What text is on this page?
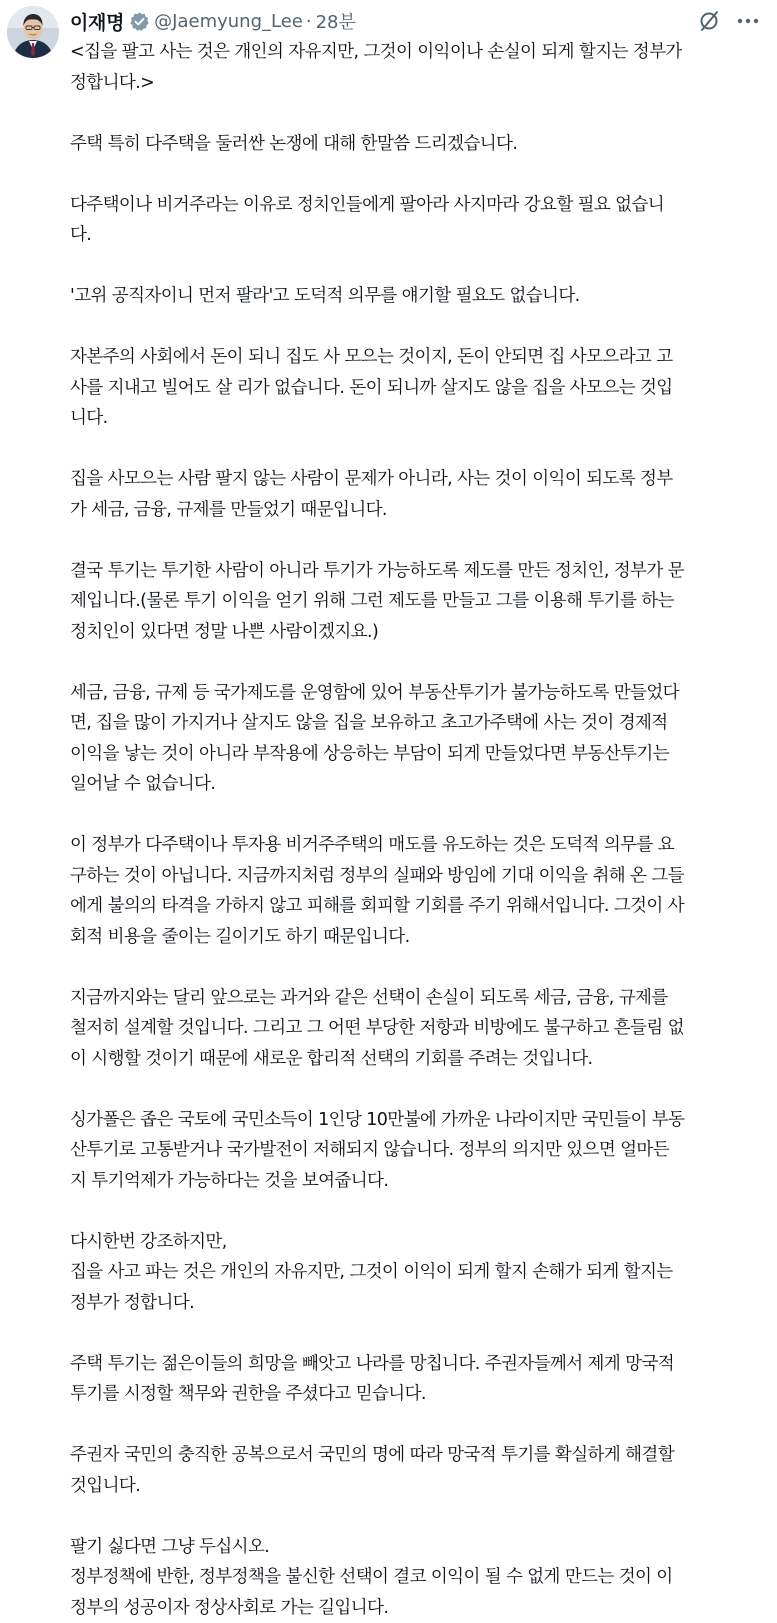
이재명 @Jaemyung_Lee · 28분
<집을 팔고 사는 것은 개인의 자유지만, 그것이 이익이나 손실이 되게 할지는 정부가
정합니다.>
주택 특히 다주택을 둘러싼 논쟁에 대해 한말씀 드리겠습니다.
다주택이나 비거주라는 이유로 정치인들에게 팔아라 사지마라 강요할 필요 없습니
다.
'고위 공직자이니 먼저 팔라'고 도덕적 의무를 얘기할 필요도 없습니다.
자본주의 사회에서 돈이 되니 집도 사 모으는 것이지, 돈이 안되면 집 사모으라고 고
사를 지내고 빌어도 살 리가 없습니다. 돈이 되니까 살지도 않을 집을 사모으는 것입
니다.
집을 사모으는 사람 팔지 않는 사람이 문제가 아니라, 사는 것이 이익이 되도록 정부
가 세금, 금융, 규제를 만들었기 때문입니다.
결국 투기는 투기한 사람이 아니라 투기가 가능하도록 제도를 만든 정치인, 정부가 문
제입니다.(물론 투기 이익을 얻기 위해 그런 제도를 만들고 그를 이용해 투기를 하는
정치인이 있다면 정말 나쁜 사람이겠지요.)
세금, 금융, 규제 등 국가제도를 운영함에 있어 부동산투기가 불가능하도록 만들었다
면, 집을 많이 가지거나 살지도 않을 집을 보유하고 초고가주택에 사는 것이 경제적
이익을 낳는 것이 아니라 부작용에 상응하는 부담이 되게 만들었다면 부동산투기는
일어날 수 없습니다.
이 정부가 다주택이나 투자용 비거주주택의 매도를 유도하는 것은 도덕적 의무를 요
구하는 것이 아닙니다. 지금까지처럼 정부의 실패와 방임에 기대 이익을 취해 온 그들
에게 불의의 타격을 가하지 않고 피해를 회피할 기회를 주기 위해서입니다. 그것이 사
회적 비용을 줄이는 길이기도 하기 때문입니다.
지금까지와는 달리 앞으로는 과거와 같은 선택이 손실이 되도록 세금, 금융, 규제를
철저히 설계할 것입니다. 그리고 그 어떤 부당한 저항과 비방에도 불구하고 흔들림 없
이 시행할 것이기 때문에 새로운 합리적 선택의 기회를 주려는 것입니다.
싱가폴은 좁은 국토에 국민소득이 1인당 10만불에 가까운 나라이지만 국민들이 부동
산투기로 고통받거나 국가발전이 저해되지 않습니다. 정부의 의지만 있으면 얼마든
지 투기억제가 가능하다는 것을 보여줍니다.
다시한번 강조하지만,
집을 사고 파는 것은 개인의 자유지만, 그것이 이익이 되게 할지 손해가 되게 할지는
정부가 정합니다.
주택 투기는 젊은이들의 희망을 빼앗고 나라를 망칩니다. 주권자들께서 제게 망국적
투기를 시정할 책무와 권한을 주셨다고 믿습니다.
주권자 국민의 충직한 공복으로서 국민의 명에 따라 망국적 투기를 확실하게 해결할
것입니다.
팔기 싫다면 그냥 두십시오.
정부정책에 반한, 정부정책을 불신한 선택이 결코 이익이 될 수 없게 만드는 것이 이
정부의 성공이자 정상사회로 가는 길입니다.
